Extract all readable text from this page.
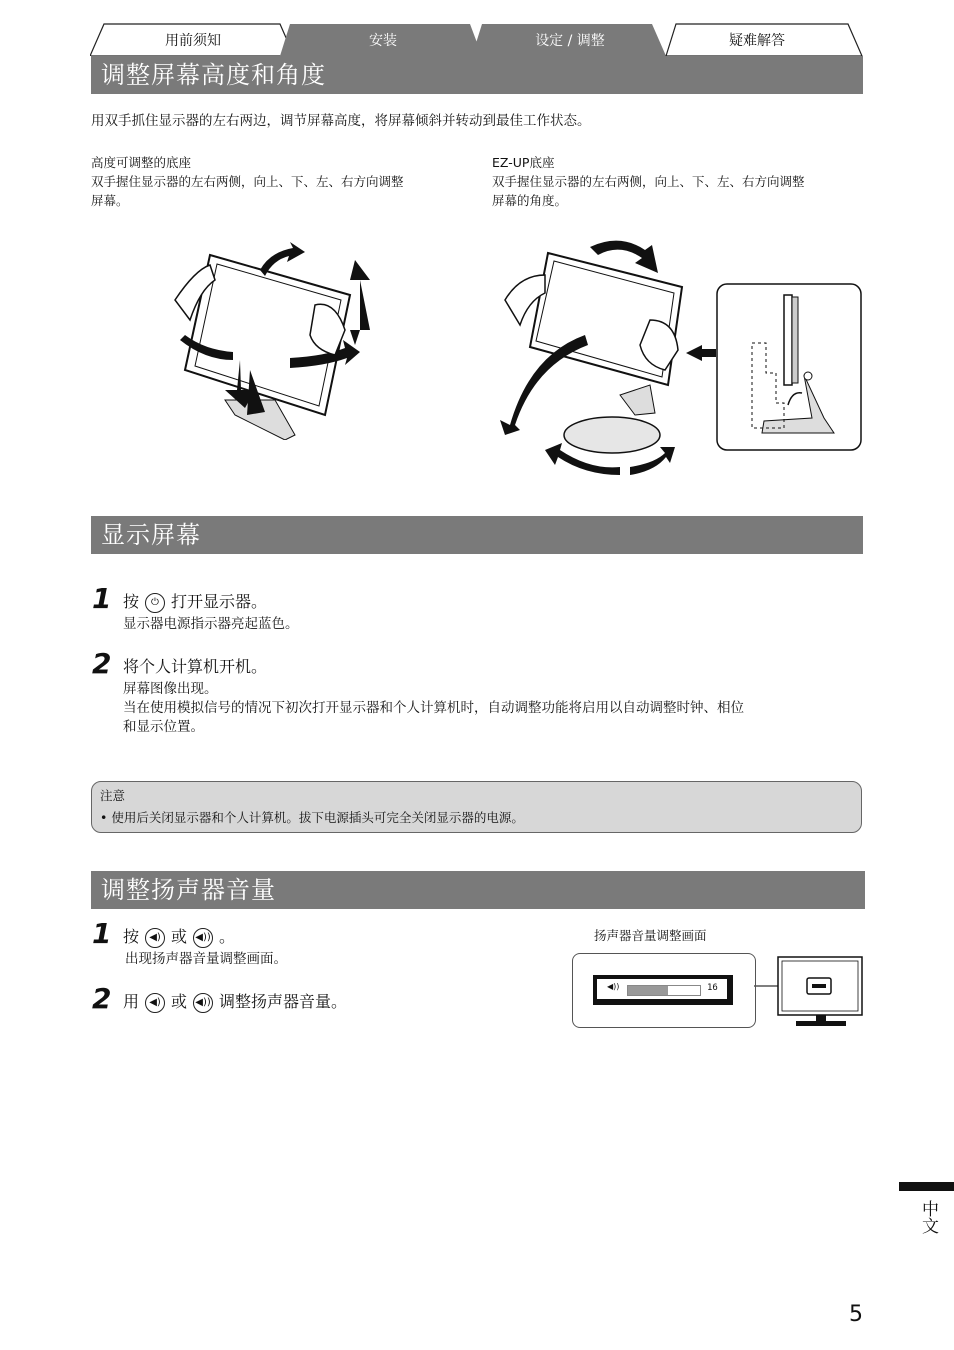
用前须知	安装	设定 / 调整	疑难解答
调整屏幕高度和角度
用双手抓住显示器的左右两边，调节屏幕高度，将屏幕倾斜并转动到最佳工作状态。
高度可调整的底座
双手握住显示器的左右两侧，向上、下、左、右方向调整
屏幕。
EZ-UP底座
双手握住显示器的左右两侧，向上、下、左、右方向调整
屏幕的角度。
显示屏幕
1 按 ⏻ 打开显示器。
显示器电源指示器亮起蓝色。
2 将个人计算机开机。
屏幕图像出现。
当在使用模拟信号的情况下初次打开显示器和个人计算机时，自动调整功能将启用以自动调整时钟、相位
和显示位置。
注意
• 使用后关闭显示器和个人计算机。拔下电源插头可完全关闭显示器的电源。
调整扬声器音量
1 按 ◀) 或 ◀)) 。
出现扬声器音量调整画面。
2 用 ◀) 或 ◀)) 调整扬声器音量。
扬声器音量调整画面
◀))	16
中文
5
